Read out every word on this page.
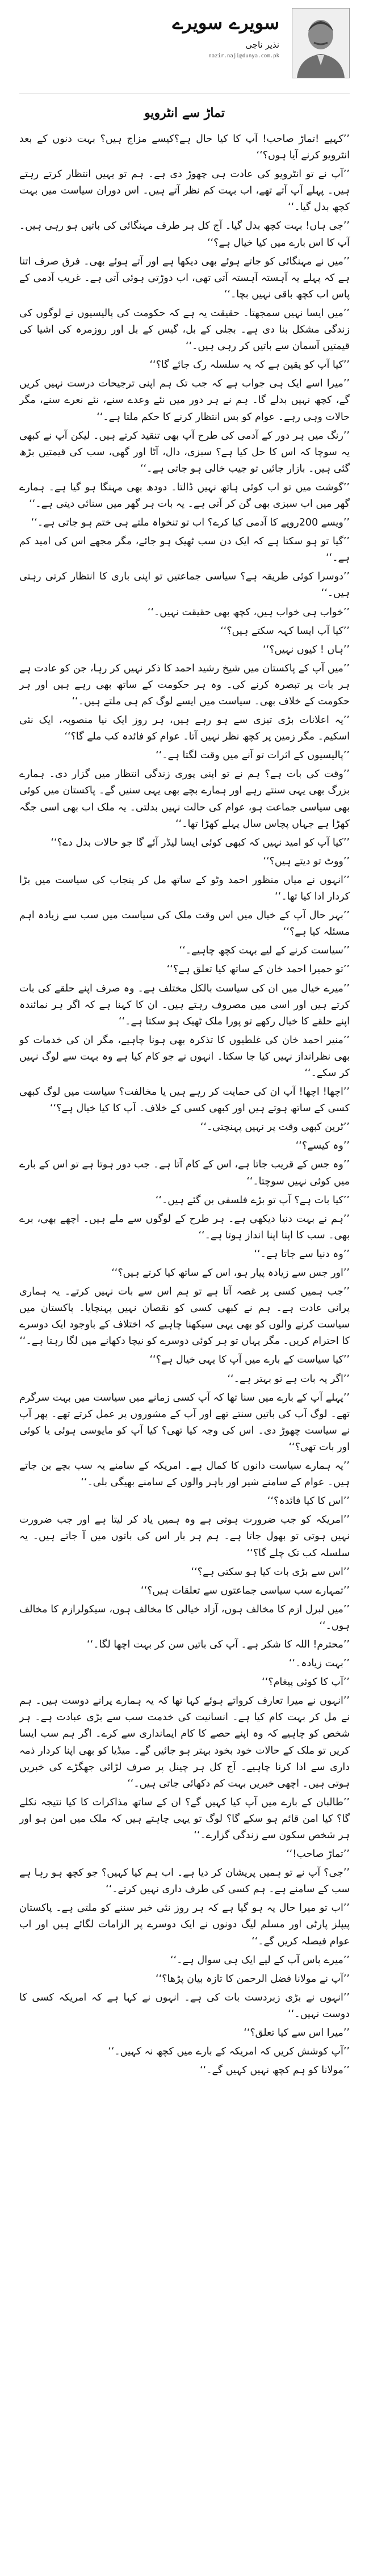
سویرے سویرے
نذیر ناجی
nazir.naji@dunya.com.pk
تماڑ سے انٹرویو

’’کہیے !تماڑ صاحب! آپ کا کیا حال ہے؟کیسے مزاج ہیں؟ بہت دنوں کے بعد انٹرویو کرنے آیا ہوں؟‘‘

’’آپ نے تو انٹرویو کی عادت ہی چھوڑ دی ہے۔ ہم تو یہیں انتظار کرتے رہتے ہیں۔ پہلے آپ آتے تھے، اب بہت کم نظر آتے ہیں۔ اس دوران سیاست میں بہت کچھ بدل گیا۔‘‘

’’جی ہاں! بہت کچھ بدل گیا۔ آج کل ہر طرف مہنگائی کی باتیں ہو رہی ہیں۔ آپ کا اس بارے میں کیا خیال ہے؟‘‘

’’میں نے مہنگائی کو جاتے ہوئے بھی دیکھا ہے اور آتے ہوئے بھی۔ فرق صرف اتنا ہے کہ پہلے یہ آہستہ آہستہ آتی تھی، اب دوڑتی ہوئی آتی ہے۔ غریب آدمی کے پاس اب کچھ باقی نہیں بچا۔‘‘

’’میں ایسا نہیں سمجھتا۔ حقیقت یہ ہے کہ حکومت کی پالیسیوں نے لوگوں کی زندگی مشکل بنا دی ہے۔ بجلی کے بل، گیس کے بل اور روزمرہ کی اشیا کی قیمتیں آسمان سے باتیں کر رہی ہیں۔‘‘

’’کیا آپ کو یقین ہے کہ یہ سلسلہ رک جائے گا؟‘‘

’’میرا اسے ایک ہی جواب ہے کہ جب تک ہم اپنی ترجیحات درست نہیں کریں گے، کچھ نہیں بدلے گا۔ ہم نے ہر دور میں نئے وعدے سنے، نئے نعرے سنے، مگر حالات وہی رہے۔ عوام کو بس انتظار کرنے کا حکم ملتا ہے۔‘‘

’’رنگ میں ہر دور کے آدمی کی طرح آپ بھی تنقید کرتے ہیں۔ لیکن آپ نے کبھی یہ سوچا کہ اس کا حل کیا ہے؟ سبزی، دال، آٹا اور گھی، سب کی قیمتیں بڑھ گئی ہیں۔ بازار جائیں تو جیب خالی ہو جاتی ہے۔‘‘

’’گوشت میں تو اب کوئی ہاتھ نہیں ڈالتا۔ دودھ بھی مہنگا ہو گیا ہے۔ ہمارے گھر میں اب سبزی بھی گن کر آتی ہے۔ یہ بات ہر گھر میں سنائی دیتی ہے۔‘‘

’’ویسے 200روپے کا آدمی کیا کرے؟ اب تو تنخواہ ملتے ہی ختم ہو جاتی ہے۔‘‘

’’گیا تو ہو سکتا ہے کہ ایک دن سب ٹھیک ہو جائے، مگر مجھے اس کی امید کم ہے۔‘‘

’’دوسرا کوئی طریقہ ہے؟ سیاسی جماعتیں تو اپنی باری کا انتظار کرتی رہتی ہیں۔‘‘

’’خواب ہی خواب ہیں، کچھ بھی حقیقت نہیں۔‘‘

’’کیا آپ ایسا کہہ سکتے ہیں؟‘‘

’’ہاں ! کیوں نہیں؟‘‘

’’میں آپ کے پاکستان میں شیخ رشید احمد کا ذکر نہیں کر رہا، جن کو عادت ہے ہر بات پر تبصرہ کرنے کی۔ وہ ہر حکومت کے ساتھ بھی رہے ہیں اور ہر حکومت کے خلاف بھی۔ سیاست میں ایسے لوگ کم ہی ملتے ہیں۔‘‘

’’یہ اعلانات بڑی تیزی سے ہو رہے ہیں، ہر روز ایک نیا منصوبہ، ایک نئی اسکیم۔ مگر زمین پر کچھ نظر نہیں آتا۔ عوام کو فائدہ کب ملے گا؟‘‘

’’پالیسیوں کے اثرات تو آنے میں وقت لگتا ہے۔‘‘

’’وقت کی بات ہے؟ ہم نے تو اپنی پوری زندگی انتظار میں گزار دی۔ ہمارے بزرگ بھی یہی سنتے رہے اور ہمارے بچے بھی یہی سنیں گے۔ پاکستان میں کوئی بھی سیاسی جماعت ہو، عوام کی حالت نہیں بدلتی۔ یہ ملک اب بھی اسی جگہ کھڑا ہے جہاں پچاس سال پہلے کھڑا تھا۔‘‘

’’کیا آپ کو امید نہیں کہ کبھی کوئی ایسا لیڈر آئے گا جو حالات بدل دے؟‘‘

’’ووٹ تو دیتے ہیں؟‘‘

’’انہوں نے میاں منظور احمد وٹو کے ساتھ مل کر پنجاب کی سیاست میں بڑا کردار ادا کیا تھا۔‘‘

’’بہر حال آپ کے خیال میں اس وقت ملک کی سیاست میں سب سے زیادہ اہم مسئلہ کیا ہے؟‘‘

’’سیاست کرنے کے لیے بہت کچھ چاہیے۔‘‘

’’تو حمیرا احمد خان کے ساتھ کیا تعلق ہے؟‘‘

’’میرے خیال میں ان کی سیاست بالکل مختلف ہے۔ وہ صرف اپنے حلقے کی بات کرتے ہیں اور اسی میں مصروف رہتے ہیں۔ ان کا کہنا ہے کہ اگر ہر نمائندہ اپنے حلقے کا خیال رکھے تو پورا ملک ٹھیک ہو سکتا ہے۔‘‘

’’منیر احمد خان کی غلطیوں کا تذکرہ بھی ہونا چاہیے، مگر ان کی خدمات کو بھی نظرانداز نہیں کیا جا سکتا۔ انہوں نے جو کام کیا ہے وہ بہت سے لوگ نہیں کر سکے۔‘‘

’’اچھا! اچھا! آپ ان کی حمایت کر رہے ہیں یا مخالفت؟ سیاست میں لوگ کبھی کسی کے ساتھ ہوتے ہیں اور کبھی کسی کے خلاف۔ آپ کا کیا خیال ہے؟‘‘

’’ٹرین کبھی وقت پر نہیں پہنچتی۔‘‘

’’وہ کیسے؟‘‘

’’وہ جس کے قریب جاتا ہے، اس کے کام آتا ہے۔ جب دور ہوتا ہے تو اس کے بارے میں کوئی نہیں سوچتا۔‘‘

’’کیا بات ہے؟ آپ تو بڑے فلسفی بن گئے ہیں۔‘‘

’’ہم نے بہت دنیا دیکھی ہے۔ ہر طرح کے لوگوں سے ملے ہیں۔ اچھے بھی، برے بھی۔ سب کا اپنا اپنا انداز ہوتا ہے۔‘‘

’’وہ دنیا سے جاتا ہے۔‘‘

’’اور جس سے زیادہ پیار ہو، اس کے ساتھ کیا کرتے ہیں؟‘‘

’’جب ہمیں کسی پر غصہ آتا ہے تو ہم اس سے بات نہیں کرتے۔ یہ ہماری پرانی عادت ہے۔ ہم نے کبھی کسی کو نقصان نہیں پہنچایا۔ پاکستان میں سیاست کرنے والوں کو بھی یہی سیکھنا چاہیے کہ اختلاف کے باوجود ایک دوسرے کا احترام کریں۔ مگر یہاں تو ہر کوئی دوسرے کو نیچا دکھانے میں لگا رہتا ہے۔‘‘

’’کیا سیاست کے بارے میں آپ کا یہی خیال ہے؟‘‘

’’اگر یہ بات ہے تو بہتر ہے۔‘‘

’’پہلے آپ کے بارے میں سنا تھا کہ آپ کسی زمانے میں سیاست میں بہت سرگرم تھے۔ لوگ آپ کی باتیں سنتے تھے اور آپ کے مشوروں پر عمل کرتے تھے۔ پھر آپ نے سیاست چھوڑ دی۔ اس کی وجہ کیا تھی؟ کیا آپ کو مایوسی ہوئی یا کوئی اور بات تھی؟‘‘

’’یہ ہمارے سیاست دانوں کا کمال ہے۔ امریکہ کے سامنے یہ سب بچے بن جاتے ہیں۔ عوام کے سامنے شیر اور باہر والوں کے سامنے بھیگی بلی۔‘‘

’’اس کا کیا فائدہ؟‘‘

’’امریکہ کو جب ضرورت ہوتی ہے وہ ہمیں یاد کر لیتا ہے اور جب ضرورت نہیں ہوتی تو بھول جاتا ہے۔ ہم ہر بار اس کی باتوں میں آ جاتے ہیں۔ یہ سلسلہ کب تک چلے گا؟‘‘

’’اس سے بڑی بات کیا ہو سکتی ہے؟‘‘

’’تمہارے سب سیاسی جماعتوں سے تعلقات ہیں؟‘‘

’’میں لبرل ازم کا مخالف ہوں، آزاد خیالی کا مخالف ہوں، سیکولرازم کا مخالف ہوں۔‘‘

’’محترم! اللہ کا شکر ہے۔ آپ کی باتیں سن کر بہت اچھا لگا۔‘‘

’’بہت زیادہ۔‘‘

’’آپ کا کوئی پیغام؟‘‘

’’انہوں نے میرا تعارف کرواتے ہوئے کہا تھا کہ یہ ہمارے پرانے دوست ہیں۔ ہم نے مل کر بہت کام کیا ہے۔ انسانیت کی خدمت سب سے بڑی عبادت ہے۔ ہر شخص کو چاہیے کہ وہ اپنے حصے کا کام ایمانداری سے کرے۔ اگر ہم سب ایسا کریں تو ملک کے حالات خود بخود بہتر ہو جائیں گے۔ میڈیا کو بھی اپنا کردار ذمہ داری سے ادا کرنا چاہیے۔ آج کل ہر چینل پر صرف لڑائی جھگڑے کی خبریں ہوتی ہیں۔ اچھی خبریں بہت کم دکھائی جاتی ہیں۔‘‘

’’طالبان کے بارے میں آپ کیا کہیں گے؟ ان کے ساتھ مذاکرات کا کیا نتیجہ نکلے گا؟ کیا امن قائم ہو سکے گا؟ لوگ تو یہی چاہتے ہیں کہ ملک میں امن ہو اور ہر شخص سکون سے زندگی گزارے۔‘‘

’’تماڑ صاحب!‘‘

’’جی؟ آپ نے تو ہمیں پریشان کر دیا ہے۔ اب ہم کیا کہیں؟ جو کچھ ہو رہا ہے سب کے سامنے ہے۔ ہم کسی کی طرف داری نہیں کرتے۔‘‘

’’اب تو میرا حال یہ ہو گیا ہے کہ ہر روز نئی خبر سننے کو ملتی ہے۔ پاکستان پیپلز پارٹی اور مسلم لیگ دونوں نے ایک دوسرے پر الزامات لگائے ہیں اور اب عوام فیصلہ کریں گے۔‘‘

’’میرے پاس آپ کے لیے ایک ہی سوال ہے۔‘‘

’’آپ نے مولانا فضل الرحمن کا تازہ بیان پڑھا؟‘‘

’’انہوں نے بڑی زبردست بات کی ہے۔ انہوں نے کہا ہے کہ امریکہ کسی کا دوست نہیں۔‘‘

’’میرا اس سے کیا تعلق؟‘‘

’’آپ کوشش کریں کہ امریکہ کے بارے میں کچھ نہ کہیں۔‘‘

’’مولانا کو ہم کچھ نہیں کہیں گے۔‘‘
